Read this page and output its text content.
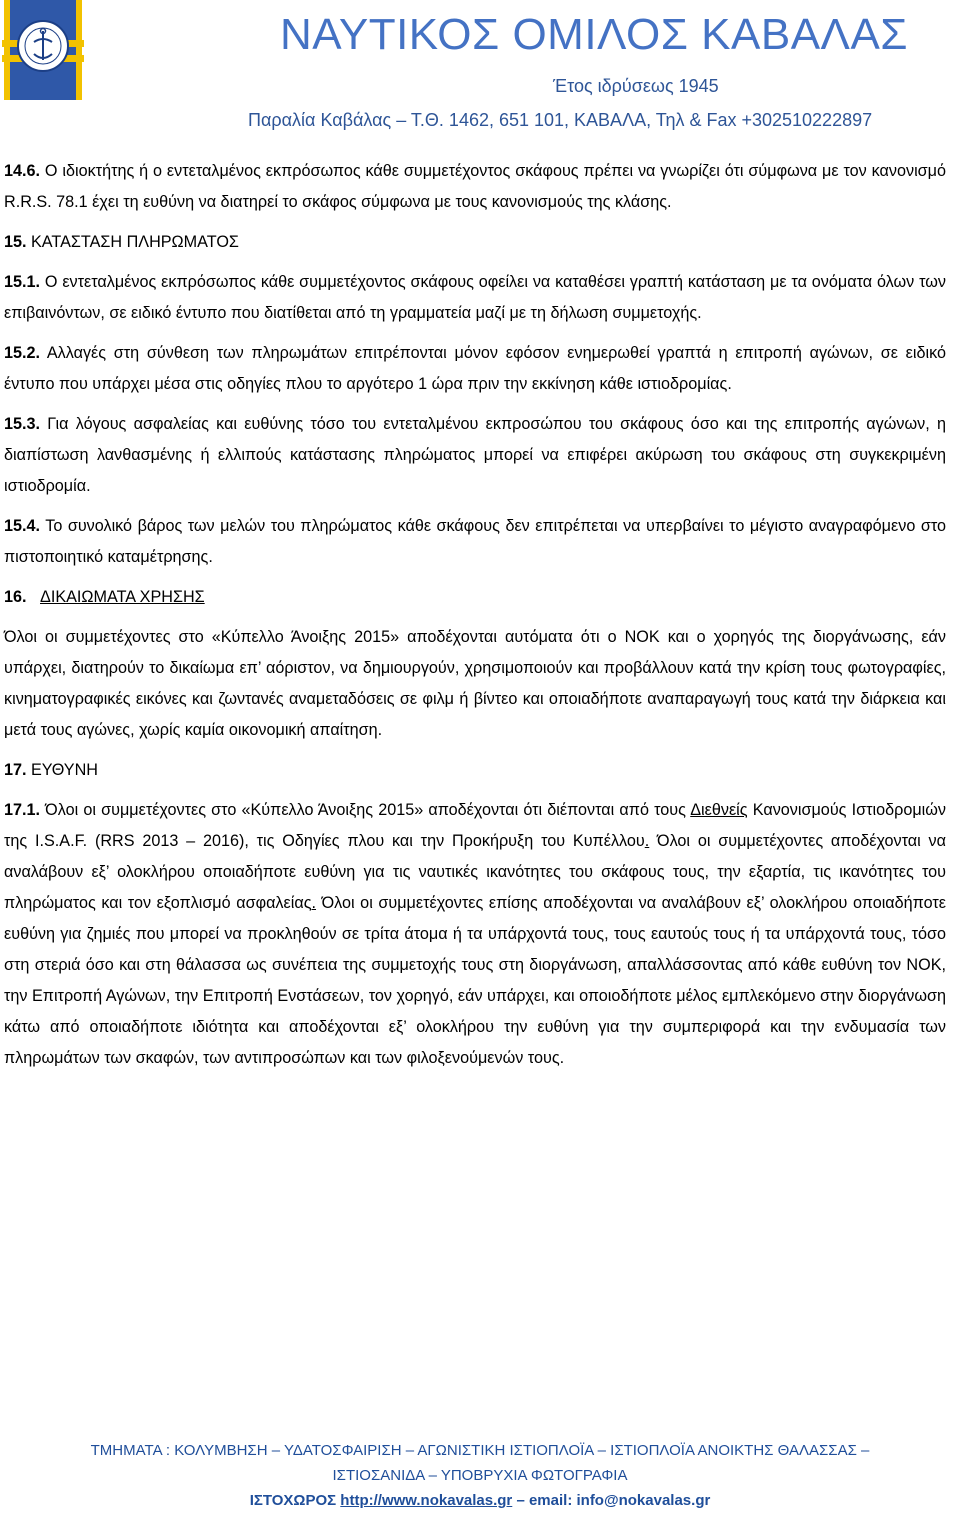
ΝΑΥΤΙΚΟΣ ΟΜΙΛΟΣ ΚΑΒΑΛΑΣ
Έτος ιδρύσεως 1945
Παραλία Καβάλας – Τ.Θ. 1462, 651 101, ΚΑΒΑΛΑ, Τηλ & Fax +302510222897

14.6. Ο ιδιοκτήτης ή ο εντεταλμένος εκπρόσωπος κάθε συμμετέχοντος σκάφους πρέπει να γνωρίζει ότι σύμφωνα με τον κανονισμό R.R.S. 78.1 έχει τη ευθύνη να διατηρεί το σκάφος σύμφωνα με τους κανονισμούς της κλάσης.

15. ΚΑΤΑΣΤΑΣΗ ΠΛΗΡΩΜΑΤΟΣ

15.1. Ο εντεταλμένος εκπρόσωπος κάθε συμμετέχοντος σκάφους οφείλει να καταθέσει γραπτή κατάσταση με τα ονόματα όλων των επιβαινόντων, σε ειδικό έντυπο που διατίθεται από τη γραμματεία μαζί με τη δήλωση συμμετοχής.

15.2. Αλλαγές στη σύνθεση των πληρωμάτων επιτρέπονται μόνον εφόσον ενημερωθεί γραπτά η επιτροπή αγώνων, σε ειδικό έντυπο που υπάρχει μέσα στις οδηγίες πλου το αργότερο 1 ώρα πριν την εκκίνηση κάθε ιστιοδρομίας.

15.3. Για λόγους ασφαλείας και ευθύνης τόσο του εντεταλμένου εκπροσώπου του σκάφους όσο και της επιτροπής αγώνων, η διαπίστωση λανθασμένης ή ελλιπούς κατάστασης πληρώματος μπορεί να επιφέρει ακύρωση του σκάφους στη συγκεκριμένη ιστιοδρομία.

15.4. Το συνολικό βάρος των μελών του πληρώματος κάθε σκάφους δεν επιτρέπεται να υπερβαίνει το μέγιστο αναγραφόμενο στο πιστοποιητικό καταμέτρησης.

16. ΔΙΚΑΙΩΜΑΤΑ ΧΡΗΣΗΣ

Όλοι οι συμμετέχοντες στο «Κύπελλο Άνοιξης 2015» αποδέχονται αυτόματα ότι ο ΝΟΚ και ο χορηγός της διοργάνωσης, εάν υπάρχει, διατηρούν το δικαίωμα επ’ αόριστον, να δημιουργούν, χρησιμοποιούν και προβάλλουν κατά την κρίση τους φωτογραφίες, κινηματογραφικές εικόνες και ζωντανές αναμεταδόσεις σε φιλμ ή βίντεο και οποιαδήποτε αναπαραγωγή τους κατά την διάρκεια και μετά τους αγώνες, χωρίς καμία οικονομική απαίτηση.

17. ΕΥΘΥΝΗ

17.1. Όλοι οι συμμετέχοντες στο «Κύπελλο Άνοιξης 2015» αποδέχονται ότι διέπονται από τους Διεθνείς Κανονισμούς Ιστιοδρομιών της I.S.A.F. (RRS 2013 – 2016), τις Οδηγίες πλου και την Προκήρυξη του Κυπέλλου. Όλοι οι συμμετέχοντες αποδέχονται να αναλάβουν εξ’ ολοκλήρου οποιαδήποτε ευθύνη για τις ναυτικές ικανότητες του σκάφους τους, την εξαρτία, τις ικανότητες του πληρώματος και τον εξοπλισμό ασφαλείας. Όλοι οι συμμετέχοντες επίσης αποδέχονται να αναλάβουν εξ’ ολοκλήρου οποιαδήποτε ευθύνη για ζημιές που μπορεί να προκληθούν σε τρίτα άτομα ή τα υπάρχοντά τους, τους εαυτούς τους ή τα υπάρχοντά τους, τόσο στη στεριά όσο και στη θάλασσα ως συνέπεια της συμμετοχής τους στη διοργάνωση, απαλλάσσοντας από κάθε ευθύνη τον ΝΟΚ, την Επιτροπή Αγώνων, την Επιτροπή Ενστάσεων, τον χορηγό, εάν υπάρχει, και οποιοδήποτε μέλος εμπλεκόμενο στην διοργάνωση κάτω από οποιαδήποτε ιδιότητα και αποδέχονται εξ’ ολοκλήρου την ευθύνη για την συμπεριφορά και την ενδυμασία των πληρωμάτων των σκαφών, των αντιπροσώπων και των φιλοξενούμενών τους.

ΤΜΗΜΑΤΑ : ΚΟΛΥΜΒΗΣΗ – ΥΔΑΤΟΣΦΑΙΡΙΣΗ – ΑΓΩΝΙΣΤΙΚΗ ΙΣΤΙΟΠΛΟΪΑ – ΙΣΤΙΟΠΛΟΪΑ ΑΝΟΙΚΤΗΣ ΘΑΛΑΣΣΑΣ –
ΙΣΤΙΟΣΑΝΙΔΑ – ΥΠΟΒΡΥΧΙΑ ΦΩΤΟΓΡΑΦΙΑ
ΙΣΤΟΧΩΡΟΣ http://www.nokavalas.gr – email: info@nokavalas.gr
